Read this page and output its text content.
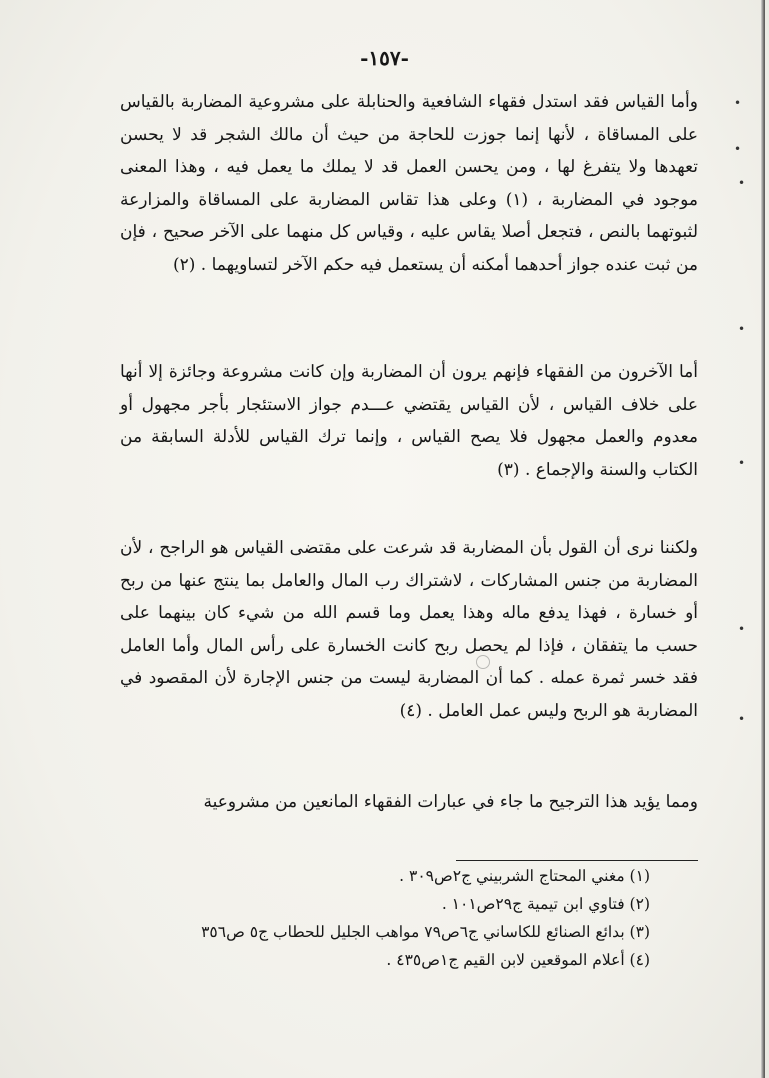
-١٥٧-
وأما القياس فقد استدل فقهاء الشافعية والحنابلة على مشروعية المضاربة بالقياس على المساقاة ، لأنها إنما جوزت للحاجة من حيث أن مالك الشجر قد لا يحسن تعهدها ولا يتفرغ لها ، ومن يحسن العمل قد لا يملك ما يعمل فيه ، وهذا المعنى موجود في المضاربة ، (١) وعلى هذا تقاس المضاربة على المساقاة والمزارعة لثبوتهما بالنص ، فتجعل أصلا يقاس عليه ، وقياس كل منهما على الآخر صحيح ، فإن من ثبت عنده جواز أحدهما أمكنه أن يستعمل فيه حكم الآخر لتساويهما . (٢)
أما الآخرون من الفقهاء فإنهم يرون أن المضاربة وإن كانت مشروعة وجائزة إلا أنها على خلاف القياس ، لأن القياس يقتضي عـــدم جواز الاستئجار بأجر مجهول أو معدوم والعمل مجهول فلا يصح القياس ، وإنما ترك القياس للأدلة السابقة من الكتاب والسنة والإجماع . (٣)
ولكننا نرى أن القول بأن المضاربة قد شرعت على مقتضى القياس هو الراجح ، لأن المضاربة من جنس المشاركات ، لاشتراك رب المال والعامل بما ينتج عنها من ربح أو خسارة ، فهذا يدفع ماله وهذا يعمل وما قسم الله من شيء كان بينهما على حسب ما يتفقان ، فإذا لم يحصل ربح كانت الخسارة على رأس المال وأما العامل فقد خسر ثمرة عمله . كما أن المضاربة ليست من جنس الإجارة لأن المقصود في المضاربة هو الربح وليس عمل العامل . (٤)
ومما يؤيد هذا الترجيح ما جاء في عبارات الفقهاء المانعين من مشروعية
(١) مغني المحتاج الشربيني ج٢ص٣٠٩ .
(٢) فتاوي ابن تيمية ج٢٩ص١٠١ .
(٣) بدائع الصنائع للكاساني ج٦ص٧٩ مواهب الجليل للحطاب ج٥ ص٣٥٦
(٤) أعلام الموقعين لابن القيم ج١ص٤٣٥ .
•
•
•
•
•
•
•
